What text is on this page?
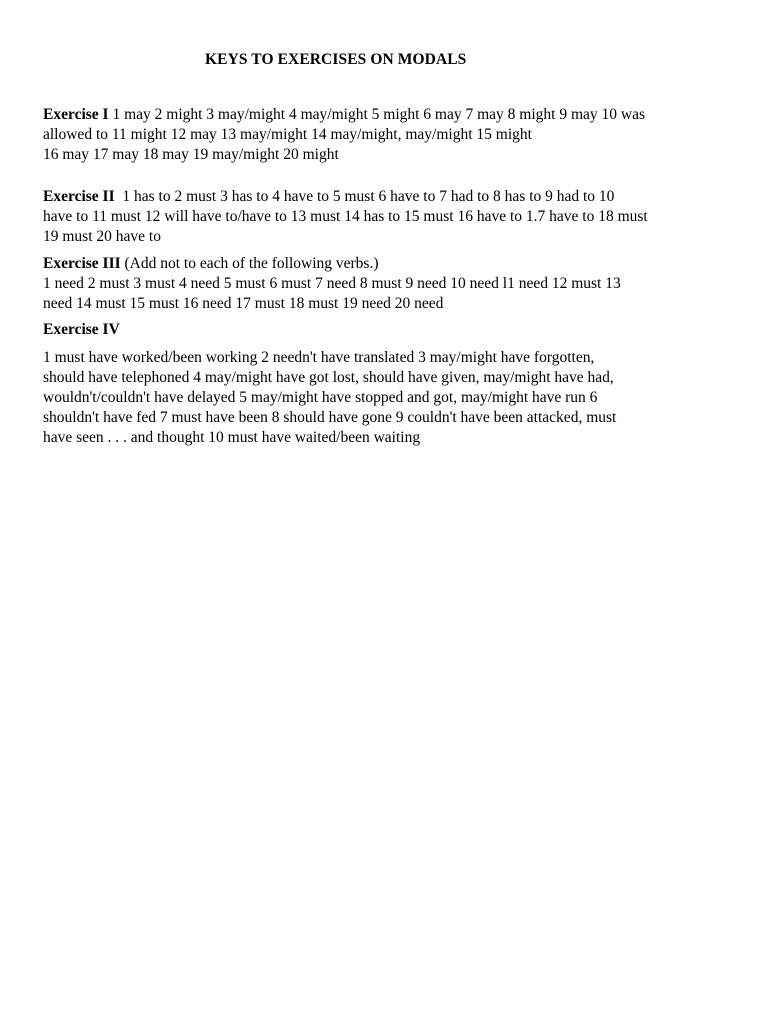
KEYS TO EXERCISES ON MODALS
Exercise I 1 may 2 might 3 may/might 4 may/might 5 might 6 may 7 may 8 might 9 may 10 was
allowed to 11 might 12 may 13 may/might 14 may/might, may/might 15 might
16 may 17 may 18 may 19 may/might 20 might
Exercise II  1 has to 2 must 3 has to 4 have to 5 must 6 have to 7 had to 8 has to 9 had to 10
have to 11 must 12 will have to/have to 13 must 14 has to 15 must 16 have to 1.7 have to 18 must
19 must 20 have to
Exercise III (Add not to each of the following verbs.)
1 need 2 must 3 must 4 need 5 must 6 must 7 need 8 must 9 need 10 need l1 need 12 must 13
need 14 must 15 must 16 need 17 must 18 must 19 need 20 need
Exercise IV
1 must have worked/been working 2 needn't have translated 3 may/might have forgotten,
should have telephoned 4 may/might have got lost, should have given, may/might have had,
wouldn't/couldn't have delayed 5 may/might have stopped and got, may/might have run 6
shouldn't have fed 7 must have been 8 should have gone 9 couldn't have been attacked, must
have seen . . . and thought 10 must have waited/been waiting
